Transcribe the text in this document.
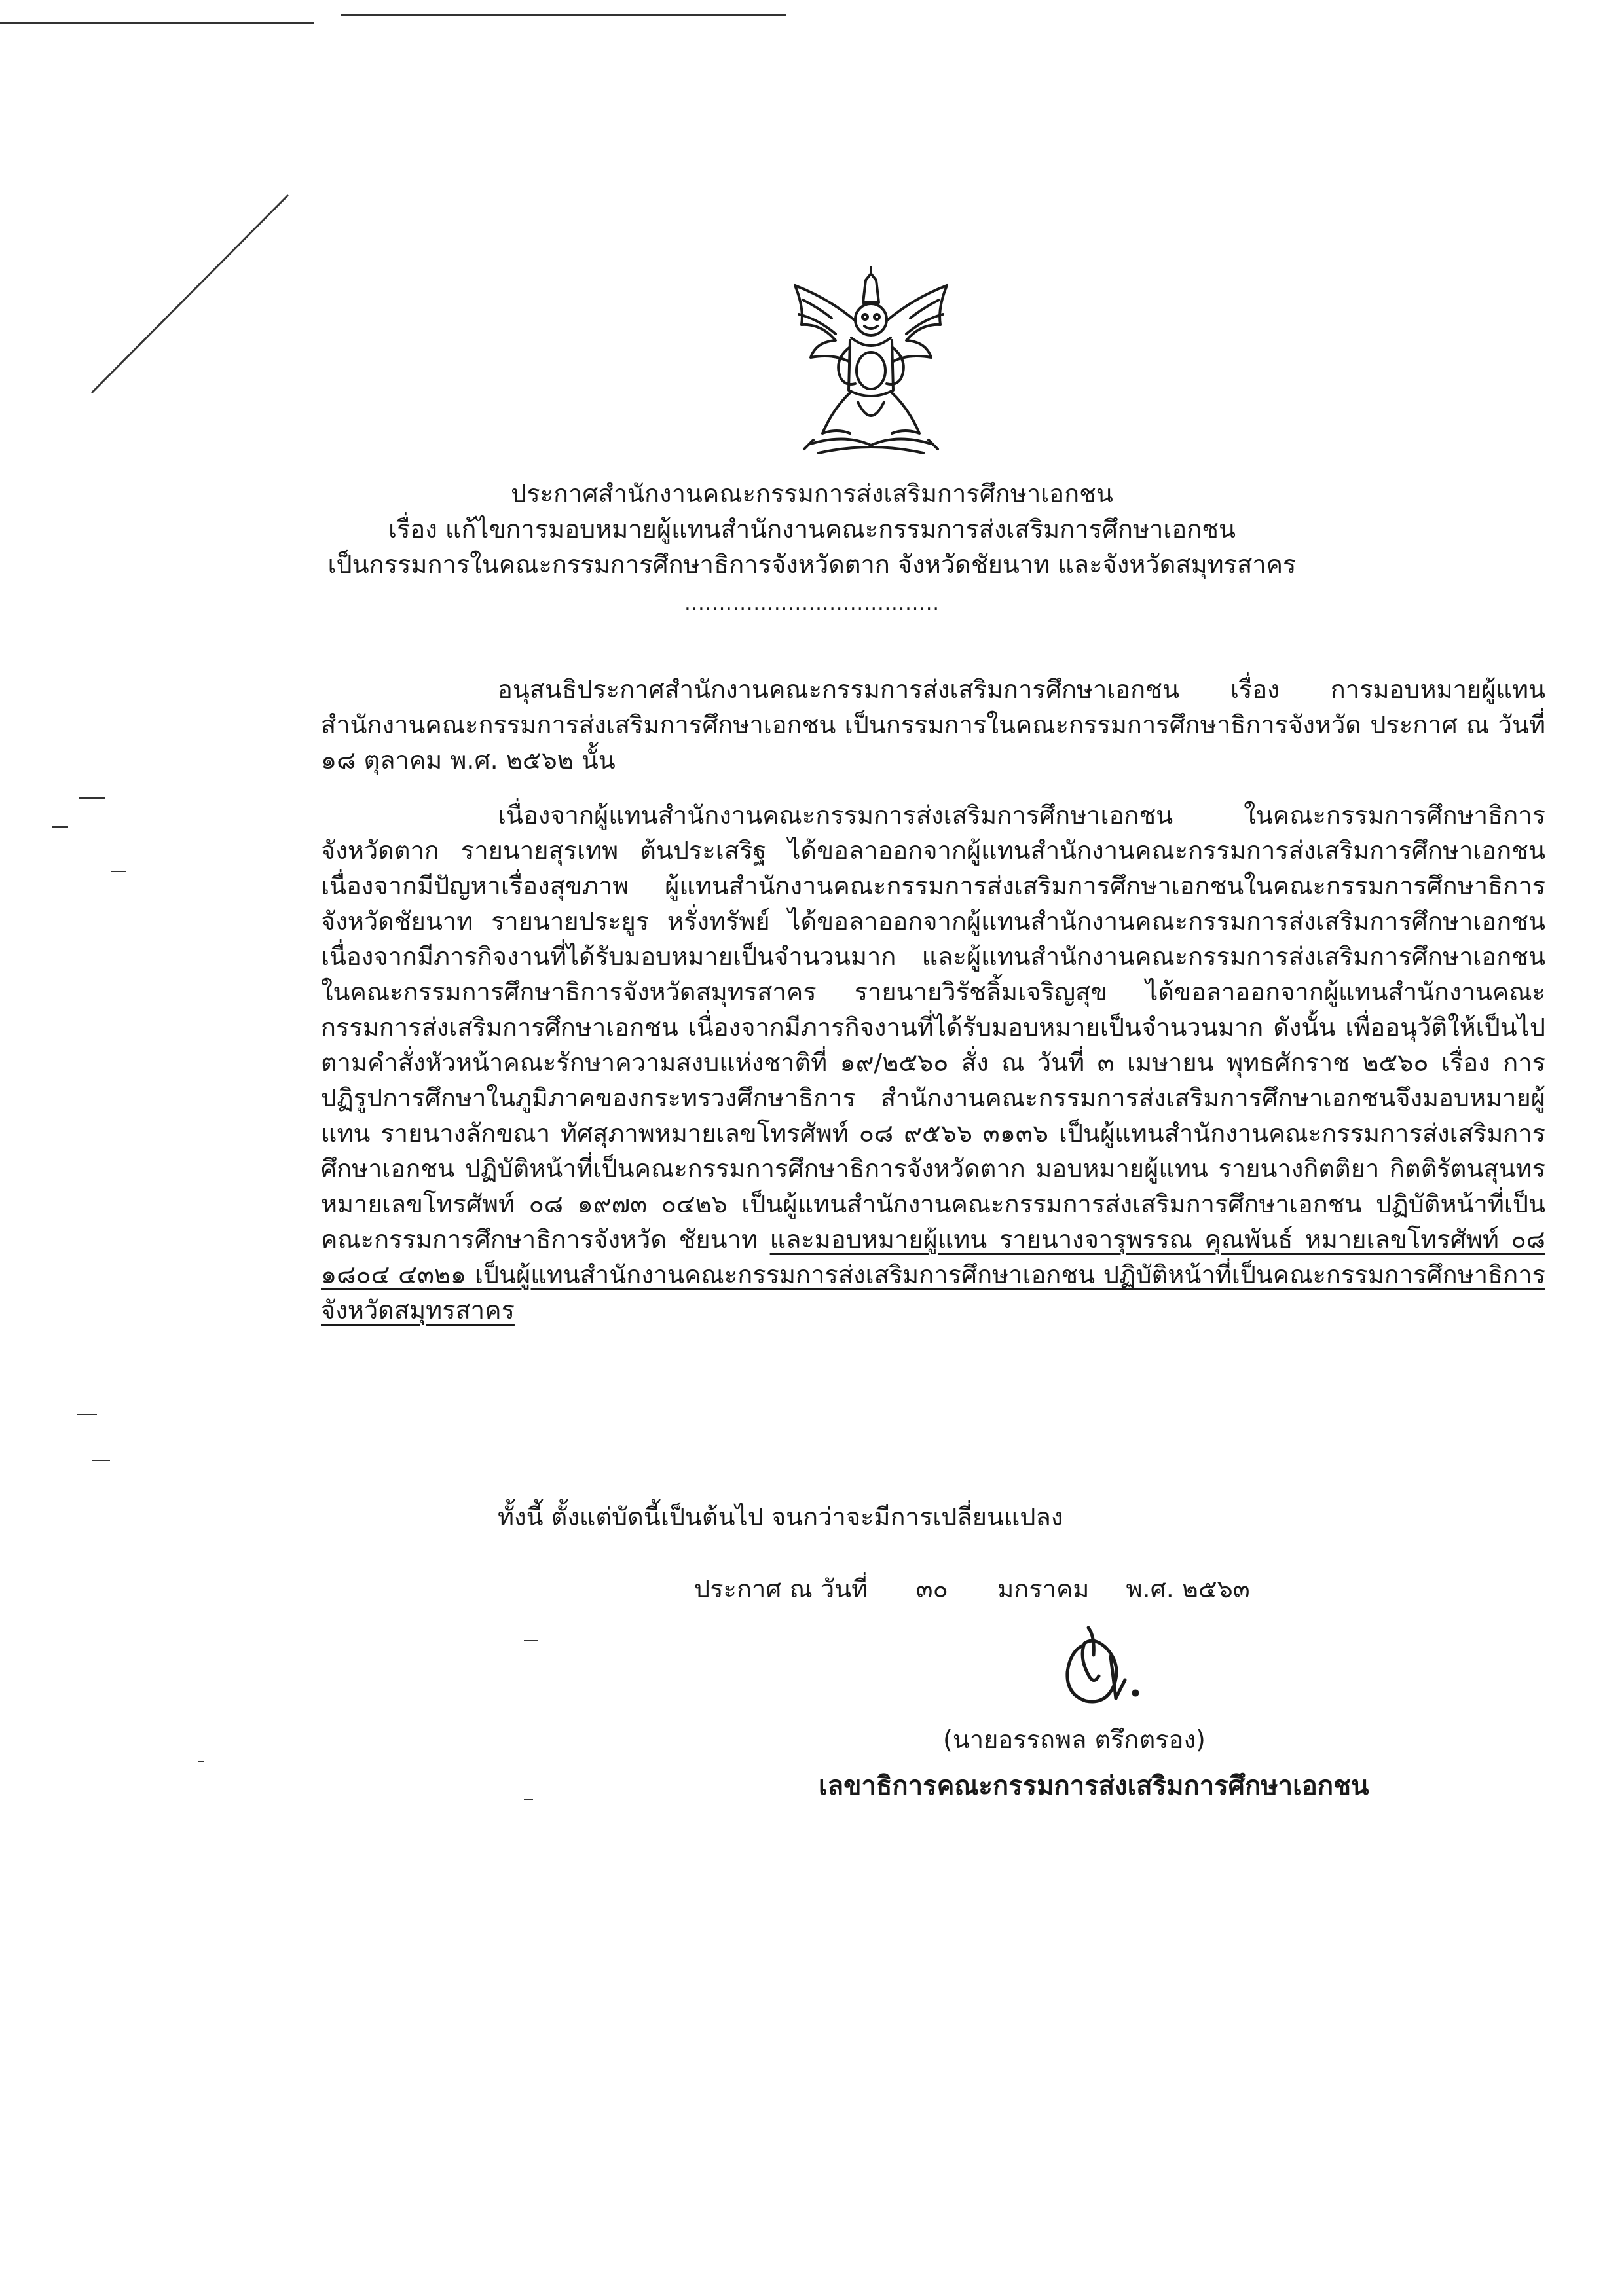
ประกาศสำนักงานคณะกรรมการส่งเสริมการศึกษาเอกชน
เรื่อง แก้ไขการมอบหมายผู้แทนสำนักงานคณะกรรมการส่งเสริมการศึกษาเอกชน
เป็นกรรมการในคณะกรรมการศึกษาธิการจังหวัดตาก จังหวัดชัยนาท และจังหวัดสมุทรสาคร
.....................................
อนุสนธิประกาศสำนักงานคณะกรรมการส่งเสริมการศึกษาเอกชน เรื่อง การมอบหมายผู้แทนสำนักงานคณะกรรมการส่งเสริมการศึกษาเอกชน เป็นกรรมการในคณะกรรมการศึกษาธิการจังหวัด ประกาศ ณ วันที่ ๑๘ ตุลาคม พ.ศ. ๒๕๖๒ นั้น
เนื่องจากผู้แทนสำนักงานคณะกรรมการส่งเสริมการศึกษาเอกชน ในคณะกรรมการศึกษาธิการจังหวัดตาก รายนายสุรเทพ ต้นประเสริฐ ได้ขอลาออกจากผู้แทนสำนักงานคณะกรรมการส่งเสริมการศึกษาเอกชน เนื่องจากมีปัญหาเรื่องสุขภาพ ผู้แทนสำนักงานคณะกรรมการส่งเสริมการศึกษาเอกชนในคณะกรรมการศึกษาธิการจังหวัดชัยนาท รายนายประยูร หรั่งทรัพย์ ได้ขอลาออกจากผู้แทนสำนักงานคณะกรรมการส่งเสริมการศึกษาเอกชน เนื่องจากมีภารกิจงานที่ได้รับมอบหมายเป็นจำนวนมาก และผู้แทนสำนักงานคณะกรรมการส่งเสริมการศึกษาเอกชน ในคณะกรรมการศึกษาธิการจังหวัดสมุทรสาคร รายนายวิรัชลิ้มเจริญสุข ได้ขอลาออกจากผู้แทนสำนักงานคณะกรรมการส่งเสริมการศึกษาเอกชน เนื่องจากมีภารกิจงานที่ได้รับมอบหมายเป็นจำนวนมาก ดังนั้น เพื่ออนุวัติให้เป็นไปตามคำสั่งหัวหน้าคณะรักษาความสงบแห่งชาติที่ ๑๙/๒๕๖๐ สั่ง ณ วันที่ ๓ เมษายน พุทธศักราช ๒๕๖๐ เรื่อง การปฏิรูปการศึกษาในภูมิภาคของกระทรวงศึกษาธิการ สำนักงานคณะกรรมการส่งเสริมการศึกษาเอกชนจึงมอบหมายผู้แทน รายนางลักขณา ทัศสุภาพหมายเลขโทรศัพท์ ๐๘ ๙๕๖๖ ๓๑๓๖ เป็นผู้แทนสำนักงานคณะกรรมการส่งเสริมการศึกษาเอกชน ปฏิบัติหน้าที่เป็นคณะกรรมการศึกษาธิการจังหวัดตาก มอบหมายผู้แทน รายนางกิตติยา กิตติรัตนสุนทร หมายเลขโทรศัพท์ ๐๘ ๑๙๗๓ ๐๔๒๖ เป็นผู้แทนสำนักงานคณะกรรมการส่งเสริมการศึกษาเอกชน ปฏิบัติหน้าที่เป็นคณะกรรมการศึกษาธิการจังหวัด ชัยนาท และมอบหมายผู้แทน รายนางจารุพรรณ คุณพันธ์ หมายเลขโทรศัพท์ ๐๘ ๑๘๐๔ ๔๓๒๑ เป็นผู้แทนสำนักงานคณะกรรมการส่งเสริมการศึกษาเอกชน ปฏิบัติหน้าที่เป็นคณะกรรมการศึกษาธิการจังหวัดสมุทรสาคร
ทั้งนี้ ตั้งแต่บัดนี้เป็นต้นไป จนกว่าจะมีการเปลี่ยนแปลง
ประกาศ ณ วันที่ ๓๐ มกราคม พ.ศ. ๒๕๖๓
(นายอรรถพล ตรึกตรอง)
เลขาธิการคณะกรรมการส่งเสริมการศึกษาเอกชน
